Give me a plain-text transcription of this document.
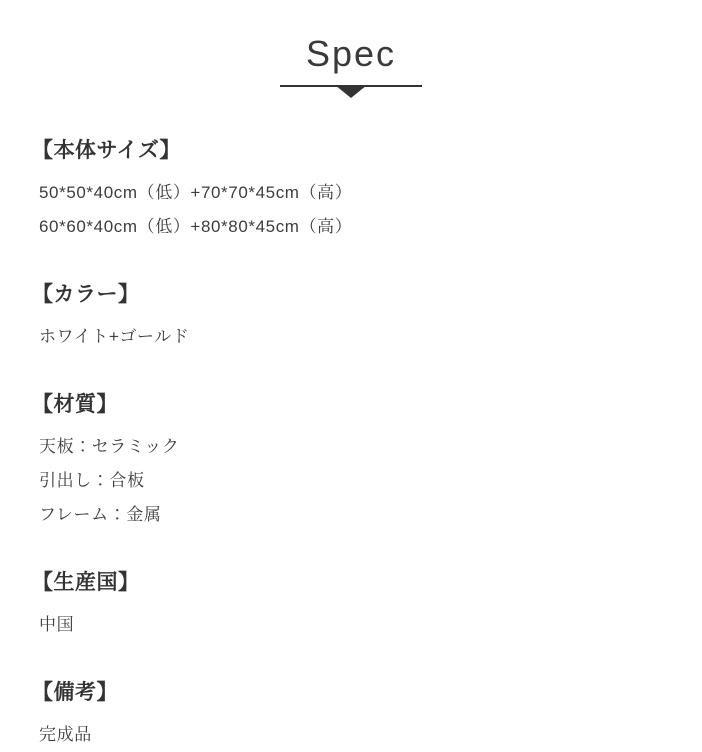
Spec
【本体サイズ】

50*50*40cm（低）+70*70*45cm（高）

60*60*40cm（低）+80*80*45cm（高）

【カラー】

ホワイト+ゴールド

【材質】

天板：セラミック

引出し：合板

フレーム：金属

【生産国】

中国

【備考】

完成品
